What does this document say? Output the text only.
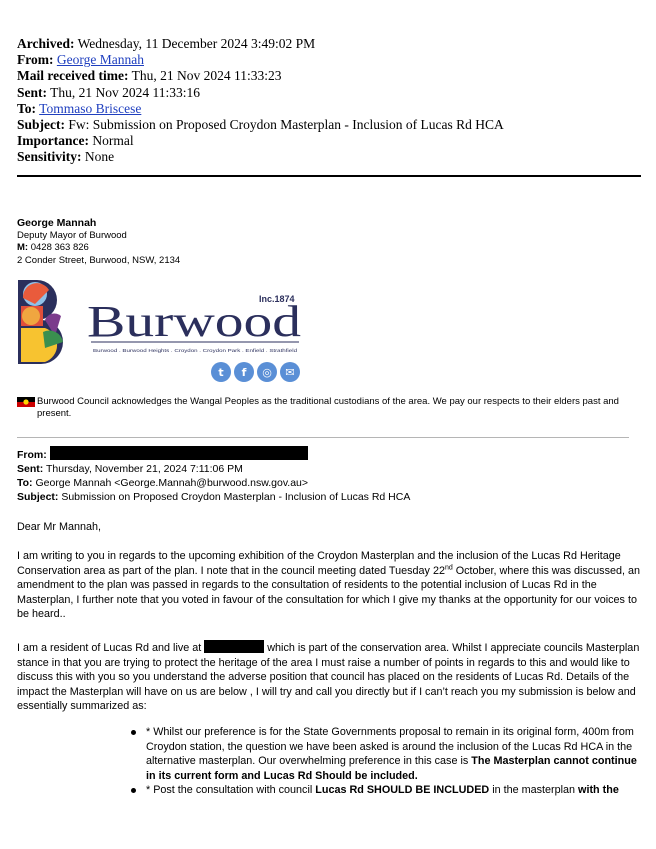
Archived: Wednesday, 11 December 2024 3:49:02 PM
From: George Mannah
Mail received time: Thu, 21 Nov 2024 11:33:23
Sent: Thu, 21 Nov 2024 11:33:16
To: Tommaso Briscese
Subject: Fw: Submission on Proposed Croydon Masterplan - Inclusion of Lucas Rd HCA
Importance: Normal
Sensitivity: None
George Mannah
Deputy Mayor of Burwood
M: 0428 363 826
2 Conder Street, Burwood, NSW, 2134
Inc.1874
Burwood
Burwood . Burwood Heights . Croydon . Croydon Park . Enfield . Strathfield
t	f	◎	✉
Burwood Council acknowledges the Wangal Peoples as the traditional custodians of the area. We pay our respects to their elders past and present.
From:
Sent: Thursday, November 21, 2024 7:11:06 PM
To: George Mannah <George.Mannah@burwood.nsw.gov.au>
Subject: Submission on Proposed Croydon Masterplan - Inclusion of Lucas Rd HCA
Dear Mr Mannah,
I am writing to you in regards to the upcoming exhibition of the Croydon Masterplan and the inclusion of the Lucas Rd Heritage Conservation area as part of the plan. I note that in the council meeting dated Tuesday 22nd October, where this was discussed, an amendment to the plan was passed in regards to the consultation of residents to the potential inclusion of Lucas Rd in the Masterplan, I further note that you voted in favour of the consultation for which I give my thanks at the opportunity for our voices to be heard..
I am a resident of Lucas Rd and live at	which is part of the conservation area. Whilst I appreciate councils Masterplan stance in that you are trying to protect the heritage of the area I must raise a number of points in regards to this and would like to discuss this with you so you understand the adverse position that council has placed on the residents of Lucas Rd. Details of the impact the Masterplan will have on us are below , I will try and call you directly but if I can’t reach you my submission is below and essentially summarized as:
* Whilst our preference is for the State Governments proposal to remain in its original form, 400m from Croydon station, the question we have been asked is around the inclusion of the Lucas Rd HCA in the alternative masterplan. Our overwhelming preference in this case is The Masterplan cannot continue in its current form and Lucas Rd Should be included.
* Post the consultation with council Lucas Rd SHOULD BE INCLUDED in the masterplan with the
